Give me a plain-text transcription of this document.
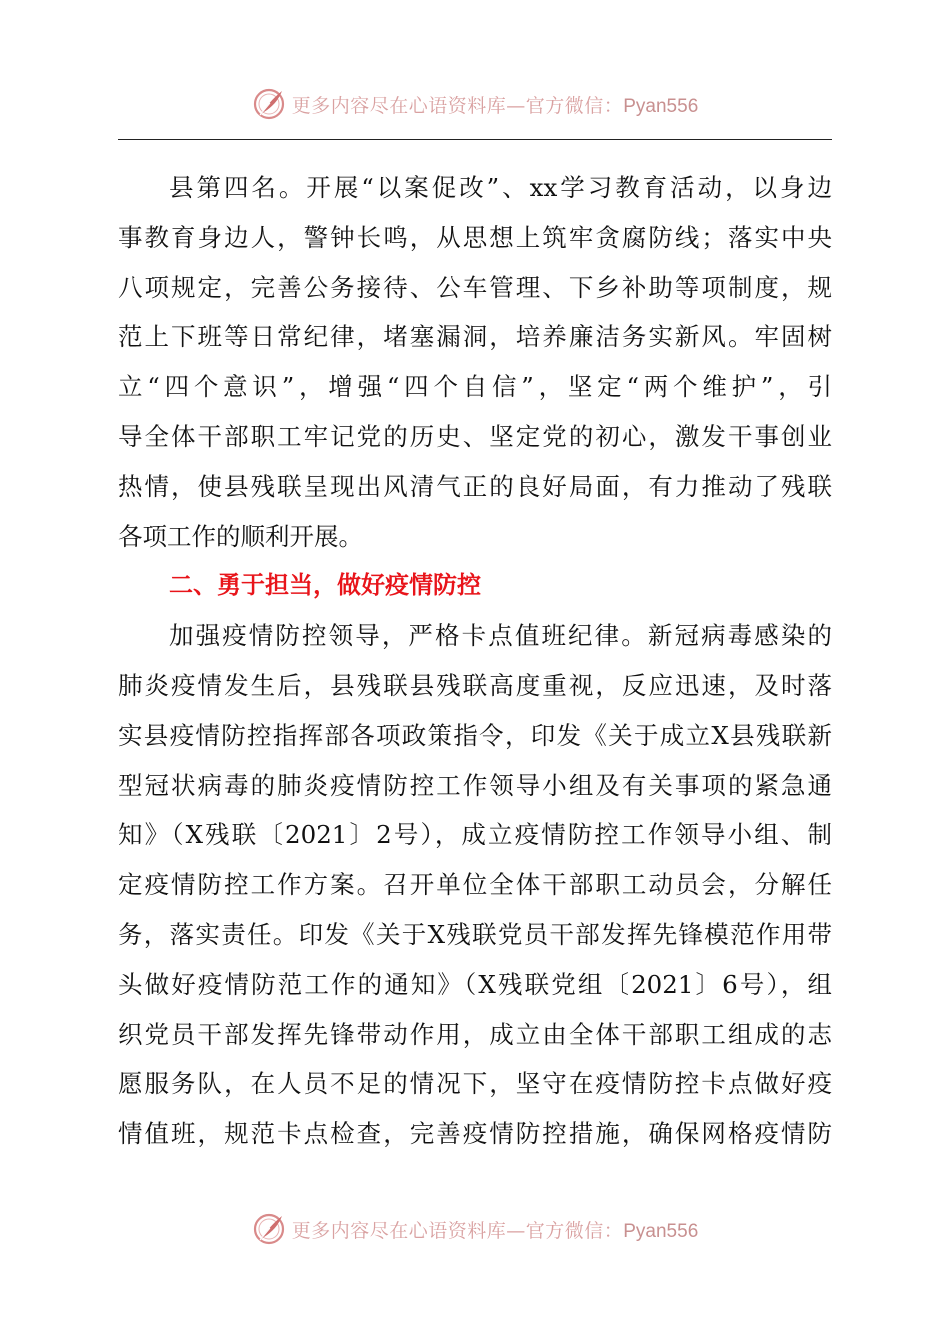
更多内容尽在心语资料库—官方微信：Pyan556

县第四名。开展“以案促改”、xx学习教育活动，以身边
事教育身边人，警钟长鸣，从思想上筑牢贪腐防线；落实中央
八项规定，完善公务接待、公车管理、下乡补助等项制度，规
范上下班等日常纪律，堵塞漏洞，培养廉洁务实新风。牢固树
立“四个意识”，增强“四个自信”，坚定“两个维护”，引
导全体干部职工牢记党的历史、坚定党的初心，激发干事创业
热情，使县残联呈现出风清气正的良好局面，有力推动了残联
各项工作的顺利开展。

二、勇于担当，做好疫情防控

加强疫情防控领导，严格卡点值班纪律。新冠病毒感染的
肺炎疫情发生后，县残联县残联高度重视，反应迅速，及时落
实县疫情防控指挥部各项政策指令，印发《关于成立X县残联新
型冠状病毒的肺炎疫情防控工作领导小组及有关事项的紧急通
知》（X残联〔2021〕2号），成立疫情防控工作领导小组、制
定疫情防控工作方案。召开单位全体干部职工动员会，分解任
务，落实责任。印发《关于X残联党员干部发挥先锋模范作用带
头做好疫情防范工作的通知》（X残联党组〔2021〕6号），组
织党员干部发挥先锋带动作用，成立由全体干部职工组成的志
愿服务队，在人员不足的情况下，坚守在疫情防控卡点做好疫
情值班，规范卡点检查，完善疫情防控措施，确保网格疫情防

更多内容尽在心语资料库—官方微信：Pyan556
